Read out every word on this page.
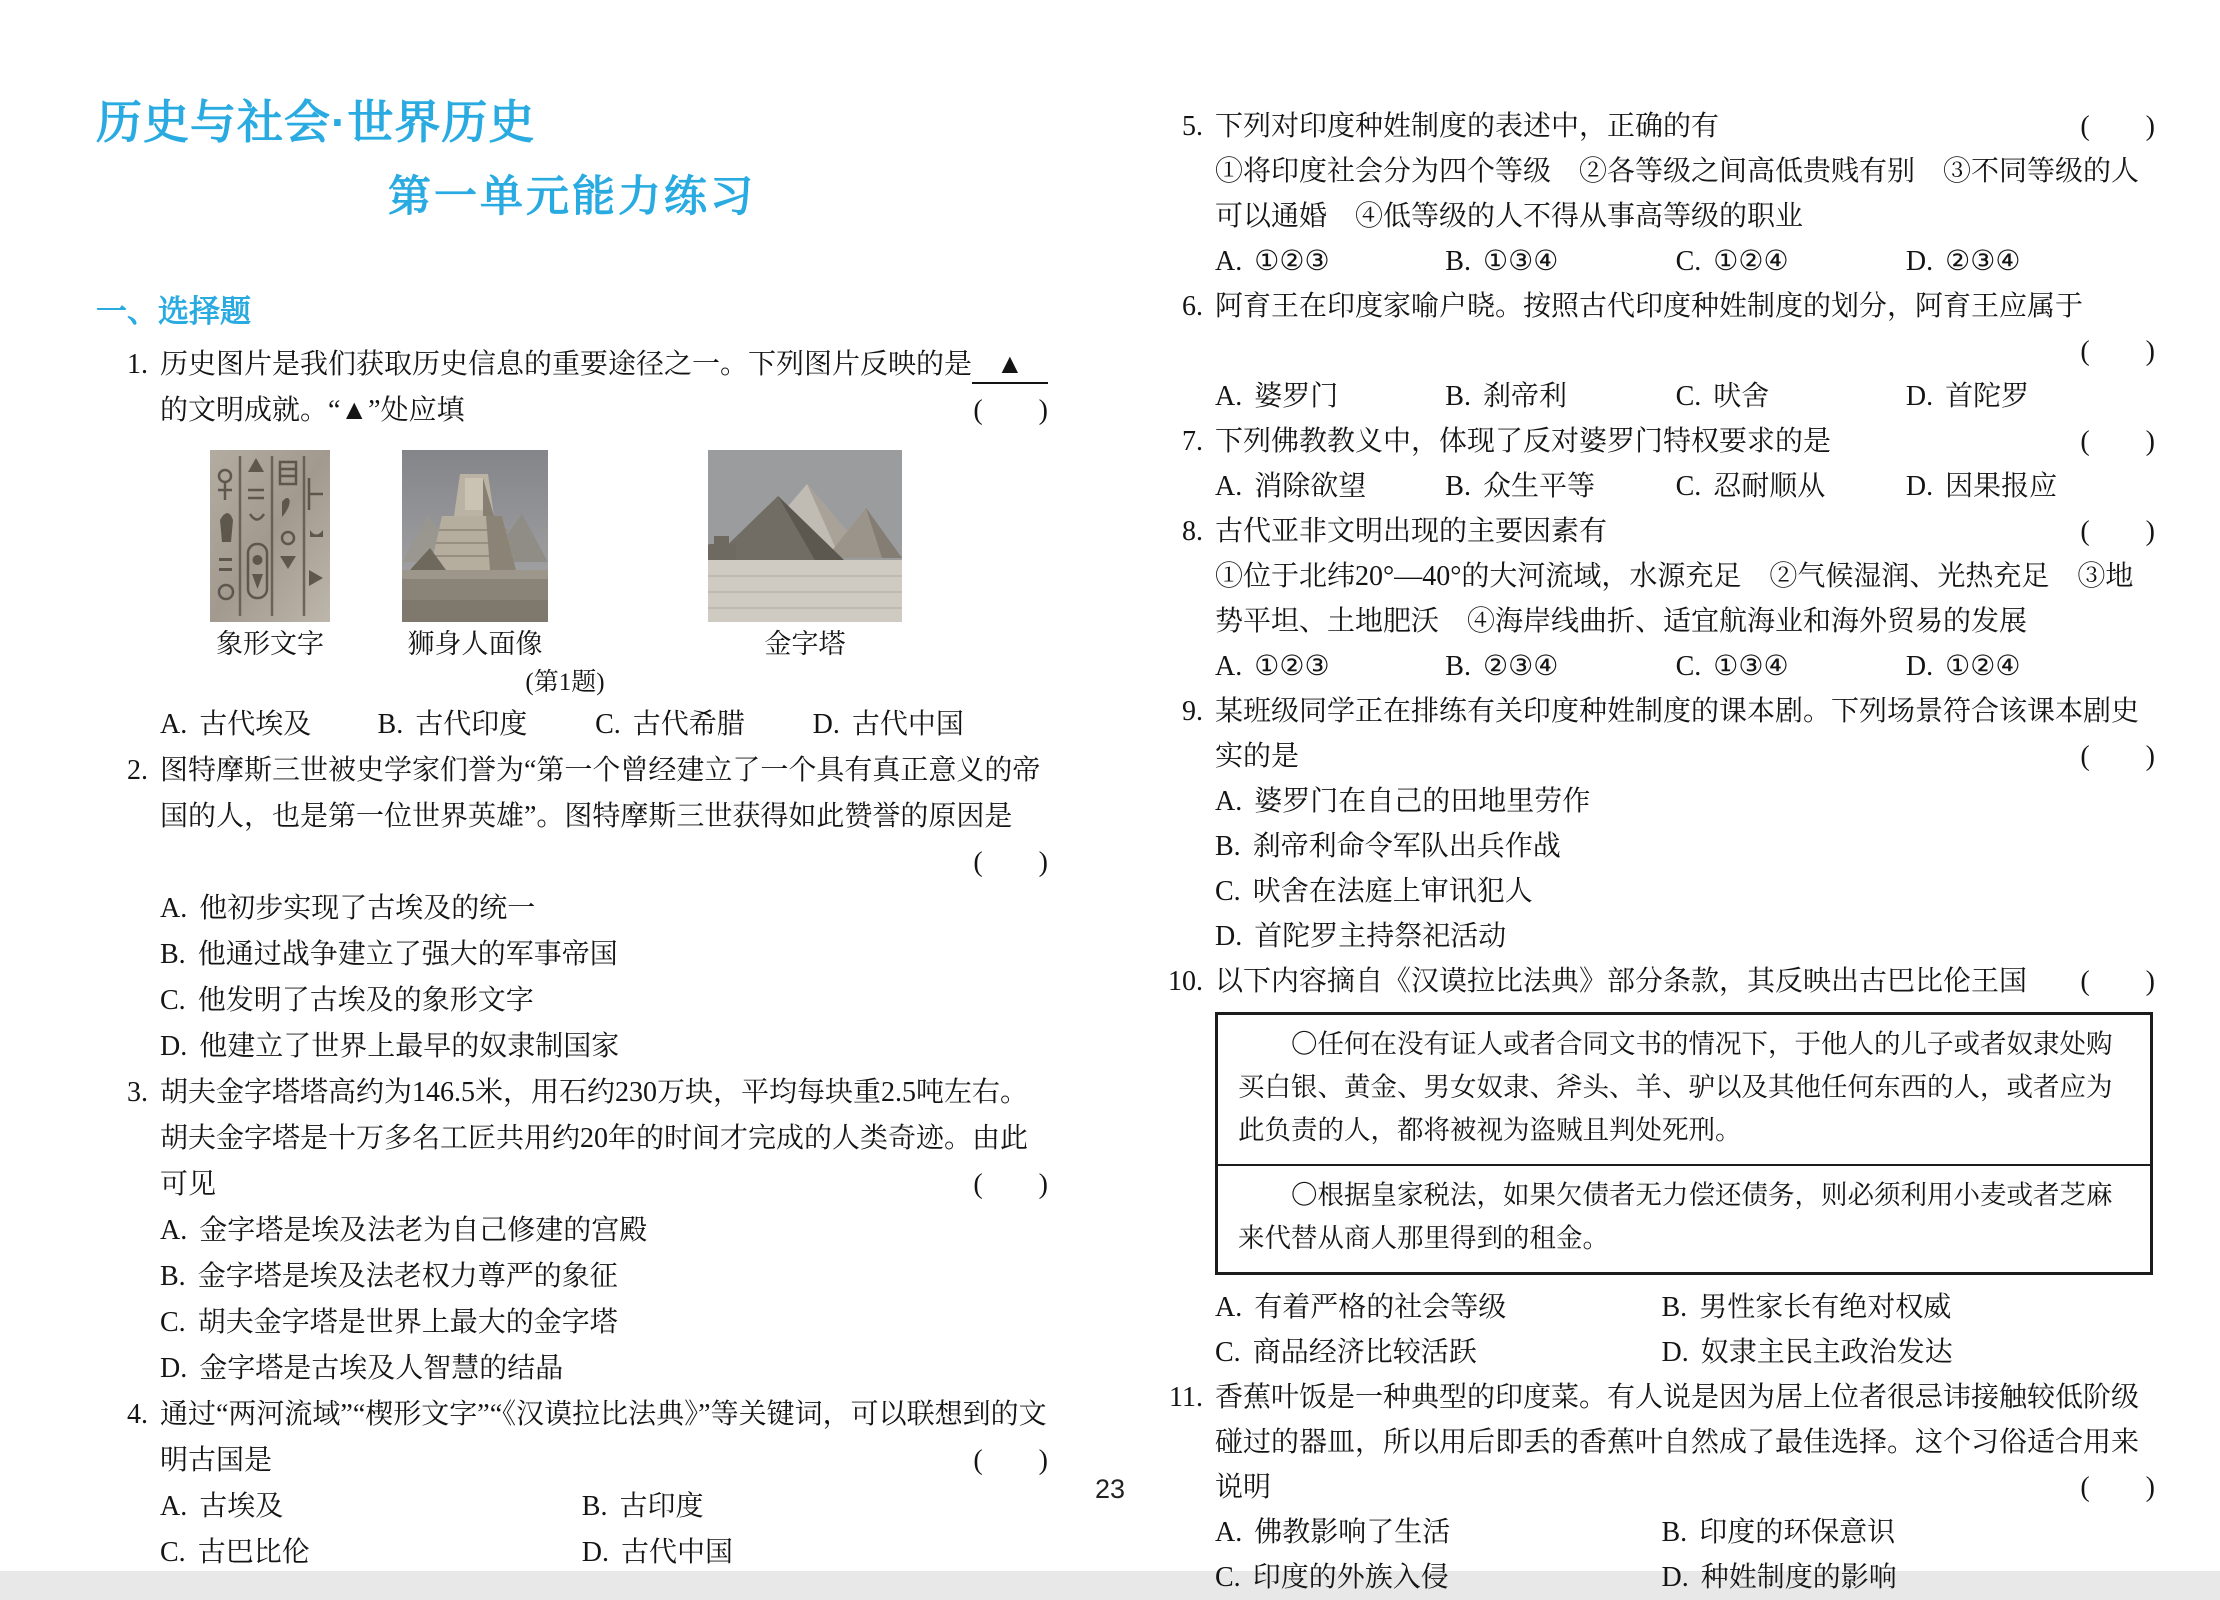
历史与社会·世界历史
第一单元能力练习
一、选择题
1. 历史图片是我们获取历史信息的重要途径之一。下列图片反映的是 ▲的文明成就。“▲”处应填	(　　)

象形文字	狮身人面像	金字塔
(第1题)
A. 古代埃及	B. 古代印度	C. 古代希腊	D. 古代中国
2. 图特摩斯三世被史学家们誉为“第一个曾经建立了一个具有真正意义的帝国的人，也是第一位世界英雄”。图特摩斯三世获得如此赞誉的原因是
(　　)

A. 他初步实现了古埃及的统一
B. 他通过战争建立了强大的军事帝国
C. 他发明了古埃及的象形文字
D. 他建立了世界上最早的奴隶制国家
3. 胡夫金字塔塔高约为146.5米，用石约230万块，平均每块重2.5吨左右。胡夫金字塔是十万多名工匠共用约20年的时间才完成的人类奇迹。由此可见	(　　)

A. 金字塔是埃及法老为自己修建的宫殿
B. 金字塔是埃及法老权力尊严的象征
C. 胡夫金字塔是世界上最大的金字塔
D. 金字塔是古埃及人智慧的结晶
4. 通过“两河流域”“楔形文字”“《汉谟拉比法典》”等关键词，可以联想到的文明古国是	(　　)

A. 古埃及	B. 古印度
C. 古巴比伦	D. 古代中国
5. 下列对印度种姓制度的表述中，正确的有	(　　)

①将印度社会分为四个等级　②各等级之间高低贵贱有别　③不同等级的人可以通婚　④低等级的人不得从事高等级的职业

A. ①②③	B. ①③④	C. ①②④	D. ②③④
6. 阿育王在印度家喻户晓。按照古代印度种姓制度的划分，阿育王应属于
(　　)

A. 婆罗门	B. 刹帝利	C. 吠舍	D. 首陀罗
7. 下列佛教教义中，体现了反对婆罗门特权要求的是	(　　)

A. 消除欲望	B. 众生平等	C. 忍耐顺从	D. 因果报应
8. 古代亚非文明出现的主要因素有	(　　)

①位于北纬20°—40°的大河流域，水源充足　②气候湿润、光热充足　③地势平坦、土地肥沃　④海岸线曲折、适宜航海业和海外贸易的发展

A. ①②③	B. ②③④	C. ①③④	D. ①②④
9. 某班级同学正在排练有关印度种姓制度的课本剧。下列场景符合该课本剧史实的是	(　　)

A. 婆罗门在自己的田地里劳作
B. 刹帝利命令军队出兵作战
C. 吠舍在法庭上审讯犯人
D. 首陀罗主持祭祀活动
10. 以下内容摘自《汉谟拉比法典》部分条款，其反映出古巴比伦王国 (　　)

〇任何在没有证人或者合同文书的情况下，于他人的儿子或者奴隶处购买白银、黄金、男女奴隶、斧头、羊、驴以及其他任何东西的人，或者应为此负责的人，都将被视为盗贼且判处死刑。

〇根据皇家税法，如果欠债者无力偿还债务，则必须利用小麦或者芝麻来代替从商人那里得到的租金。

A. 有着严格的社会等级	B. 男性家长有绝对权威
C. 商品经济比较活跃	D. 奴隶主民主政治发达
11. 香蕉叶饭是一种典型的印度菜。有人说是因为居上位者很忌讳接触较低阶级碰过的器皿，所以用后即丢的香蕉叶自然成了最佳选择。这个习俗适合用来说明	(　　)

A. 佛教影响了生活	B. 印度的环保意识
C. 印度的外族入侵	D. 种姓制度的影响
23
